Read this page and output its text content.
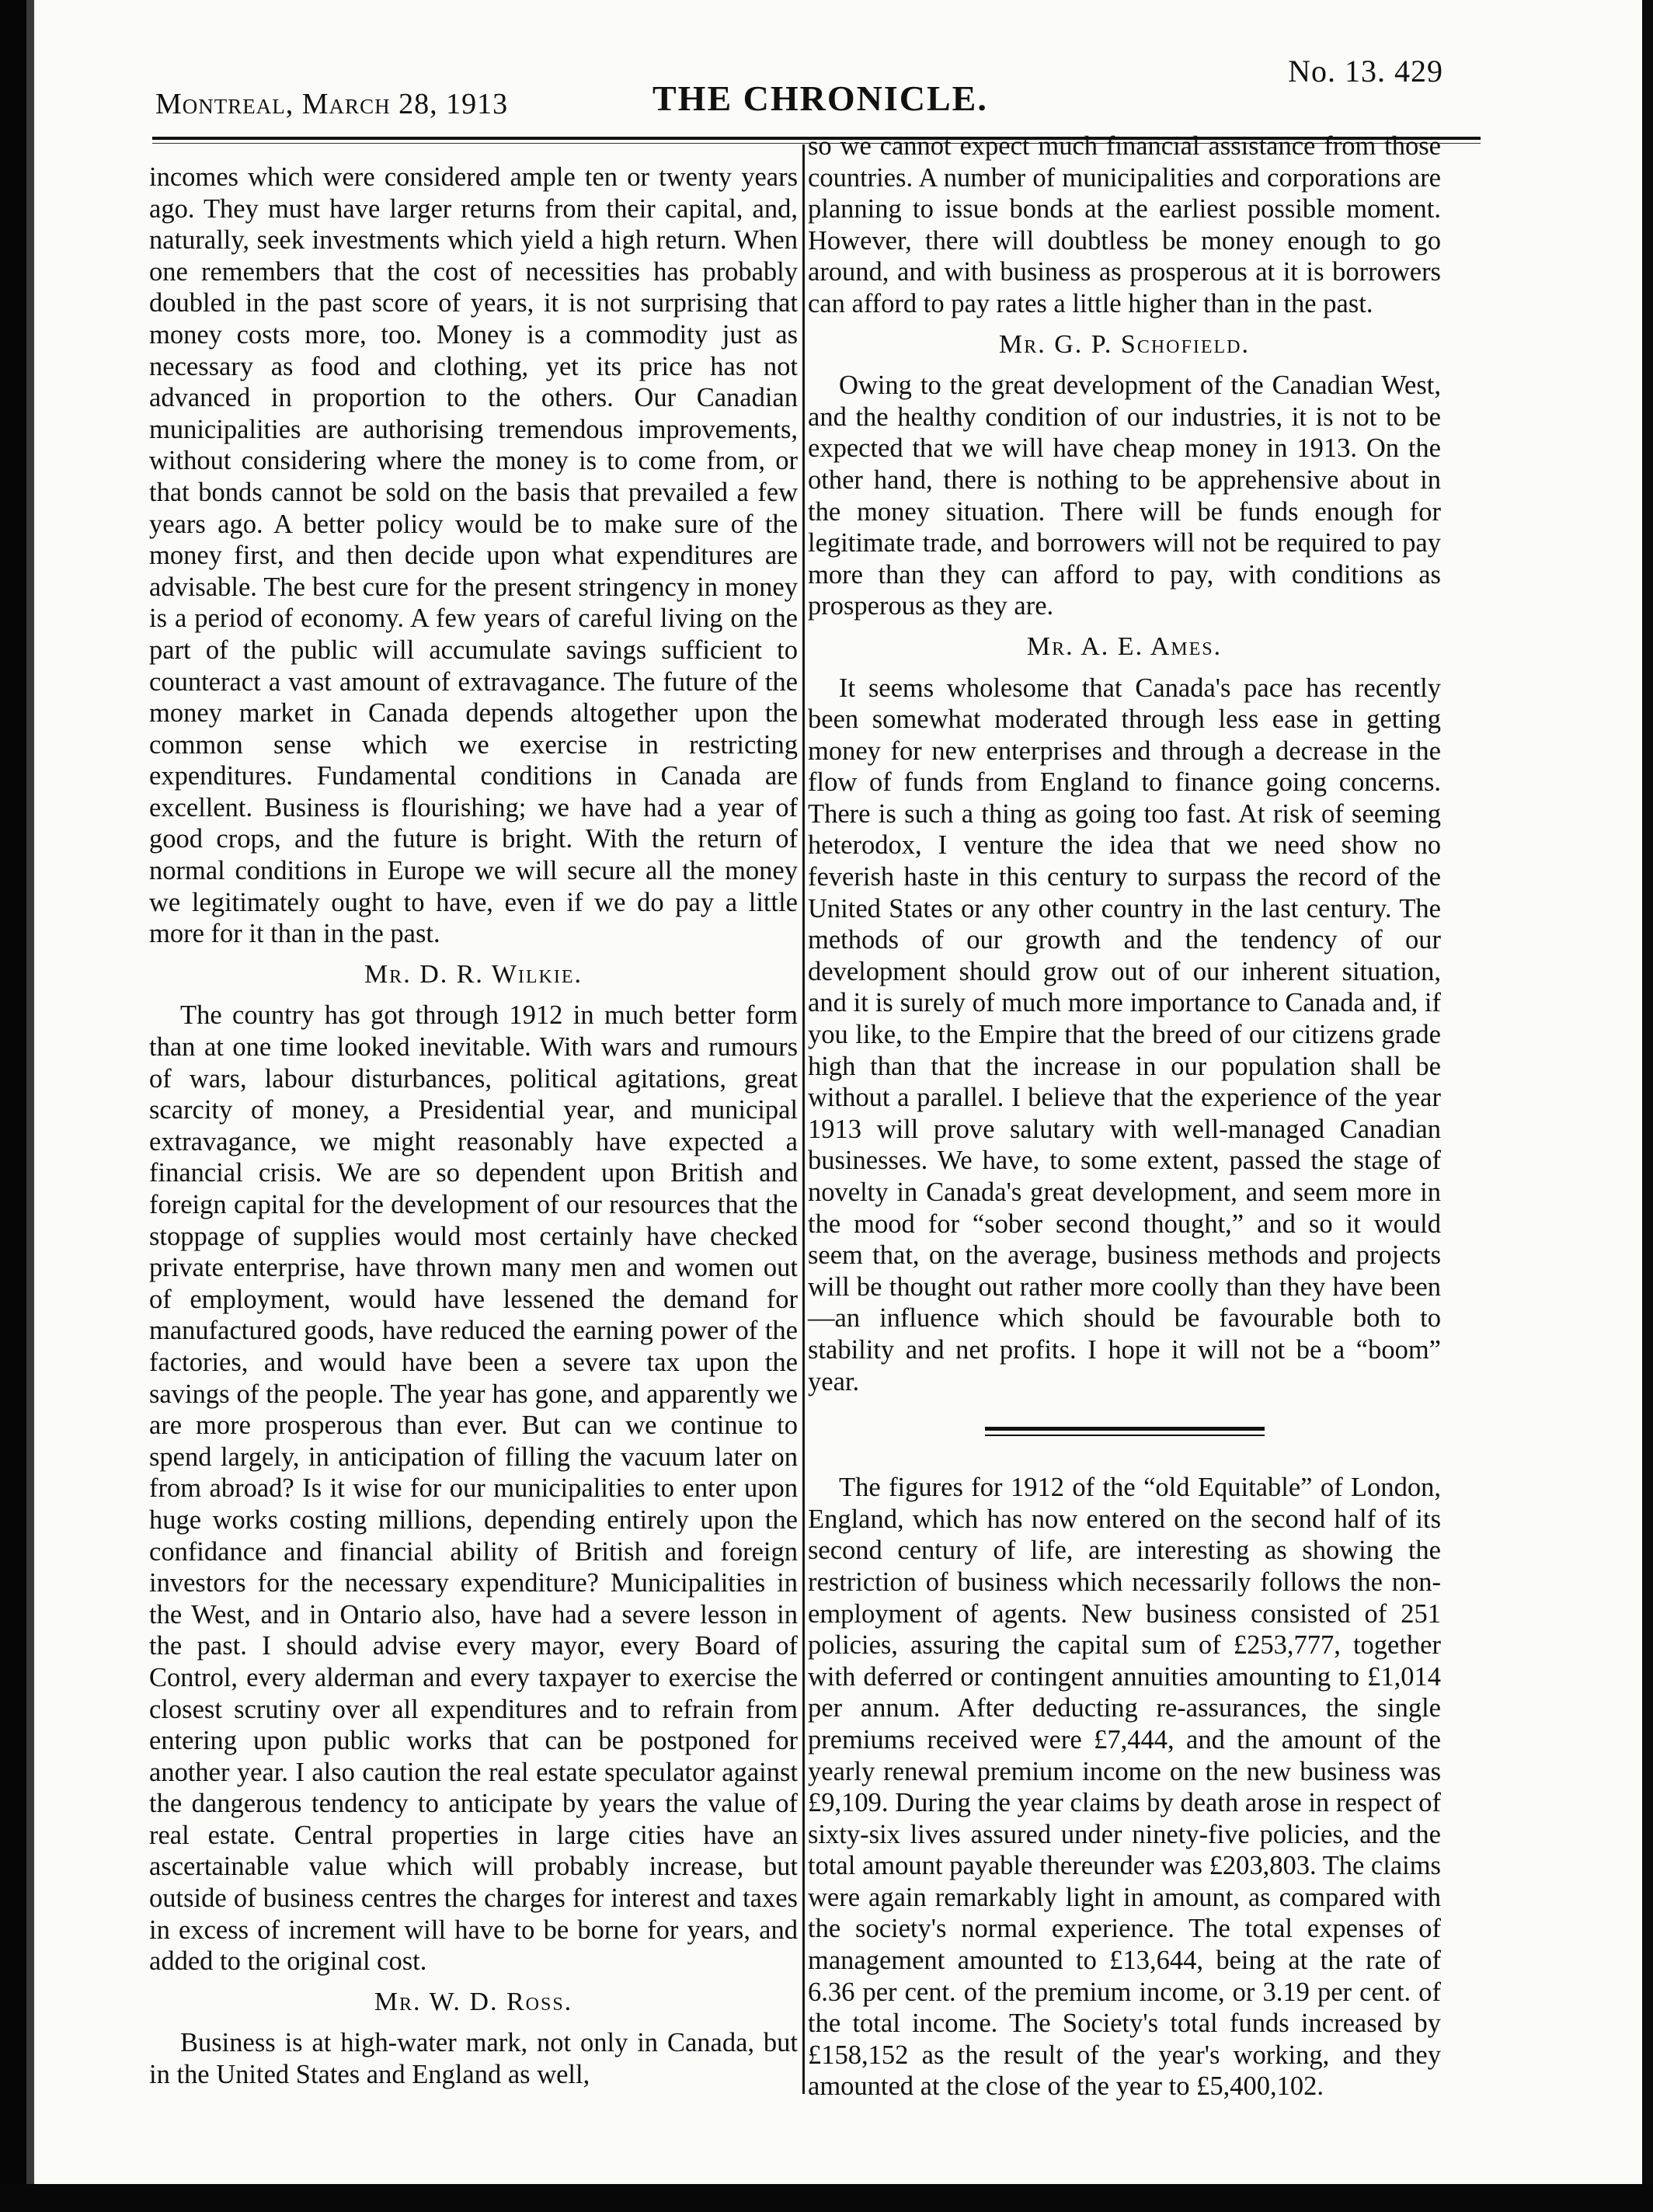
No. 13. 429
Montreal, March 28, 1913	THE CHRONICLE.

incomes which were considered ample ten or twenty years ago. They must have larger returns from their capital, and, naturally, seek investments which yield a high return. When one remembers that the cost of necessities has probably doubled in the past score of years, it is not surprising that money costs more, too. Money is a commodity just as necessary as food and clothing, yet its price has not advanced in proportion to the others. Our Canadian municipalities are authorising tremendous improvements, without considering where the money is to come from, or that bonds cannot be sold on the basis that prevailed a few years ago. A better policy would be to make sure of the money first, and then decide upon what expenditures are advisable. The best cure for the present stringency in money is a period of economy. A few years of careful living on the part of the public will accumulate savings sufficient to counteract a vast amount of extravagance. The future of the money market in Canada depends altogether upon the common sense which we exercise in restricting expenditures. Fundamental conditions in Canada are excellent. Business is flourishing; we have had a year of good crops, and the future is bright. With the return of normal conditions in Europe we will secure all the money we legitimately ought to have, even if we do pay a little more for it than in the past.

Mr. D. R. Wilkie.

The country has got through 1912 in much better form than at one time looked inevitable. With wars and rumours of wars, labour disturbances, political agitations, great scarcity of money, a Presidential year, and municipal extravagance, we might reasonably have expected a financial crisis. We are so dependent upon British and foreign capital for the development of our resources that the stoppage of supplies would most certainly have checked private enterprise, have thrown many men and women out of employment, would have lessened the demand for manufactured goods, have reduced the earning power of the factories, and would have been a severe tax upon the savings of the people. The year has gone, and apparently we are more prosperous than ever. But can we continue to spend largely, in anticipation of filling the vacuum later on from abroad? Is it wise for our municipalities to enter upon huge works costing millions, depending entirely upon the confidance and financial ability of British and foreign investors for the necessary expenditure? Municipalities in the West, and in Ontario also, have had a severe lesson in the past. I should advise every mayor, every Board of Control, every alderman and every taxpayer to exercise the closest scrutiny over all expenditures and to refrain from entering upon public works that can be postponed for another year. I also caution the real estate speculator against the dangerous tendency to anticipate by years the value of real estate. Central properties in large cities have an ascertainable value which will probably increase, but outside of business centres the charges for interest and taxes in excess of increment will have to be borne for years, and added to the original cost.

Mr. W. D. Ross.

Business is at high-water mark, not only in Canada, but in the United States and England as well,

so we cannot expect much financial assistance from those countries. A number of municipalities and corporations are planning to issue bonds at the earliest possible moment. However, there will doubtless be money enough to go around, and with business as prosperous at it is borrowers can afford to pay rates a little higher than in the past.

Mr. G. P. Schofield.

Owing to the great development of the Canadian West, and the healthy condition of our industries, it is not to be expected that we will have cheap money in 1913. On the other hand, there is nothing to be apprehensive about in the money situation. There will be funds enough for legitimate trade, and borrowers will not be required to pay more than they can afford to pay, with conditions as prosperous as they are.

Mr. A. E. Ames.

It seems wholesome that Canada's pace has recently been somewhat moderated through less ease in getting money for new enterprises and through a decrease in the flow of funds from England to finance going concerns. There is such a thing as going too fast. At risk of seeming heterodox, I venture the idea that we need show no feverish haste in this century to surpass the record of the United States or any other country in the last century. The methods of our growth and the tendency of our development should grow out of our inherent situation, and it is surely of much more importance to Canada and, if you like, to the Empire that the breed of our citizens grade high than that the increase in our population shall be without a parallel. I believe that the experience of the year 1913 will prove salutary with well-managed Canadian businesses. We have, to some extent, passed the stage of novelty in Canada's great development, and seem more in the mood for “sober second thought,” and so it would seem that, on the average, business methods and projects will be thought out rather more coolly than they have been—an influence which should be favourable both to stability and net profits. I hope it will not be a “boom” year.

The figures for 1912 of the “old Equitable” of London, England, which has now entered on the second half of its second century of life, are interesting as showing the restriction of business which necessarily follows the non-employment of agents. New business consisted of 251 policies, assuring the capital sum of £253,777, together with deferred or contingent annuities amounting to £1,014 per annum. After deducting re-assurances, the single premiums received were £7,444, and the amount of the yearly renewal premium income on the new business was £9,109. During the year claims by death arose in respect of sixty-six lives assured under ninety-five policies, and the total amount payable thereunder was £203,803. The claims were again remarkably light in amount, as compared with the society's normal experience. The total expenses of management amounted to £13,644, being at the rate of 6.36 per cent. of the premium income, or 3.19 per cent. of the total income. The Society's total funds increased by £158,152 as the result of the year's working, and they amounted at the close of the year to £5,400,102.
